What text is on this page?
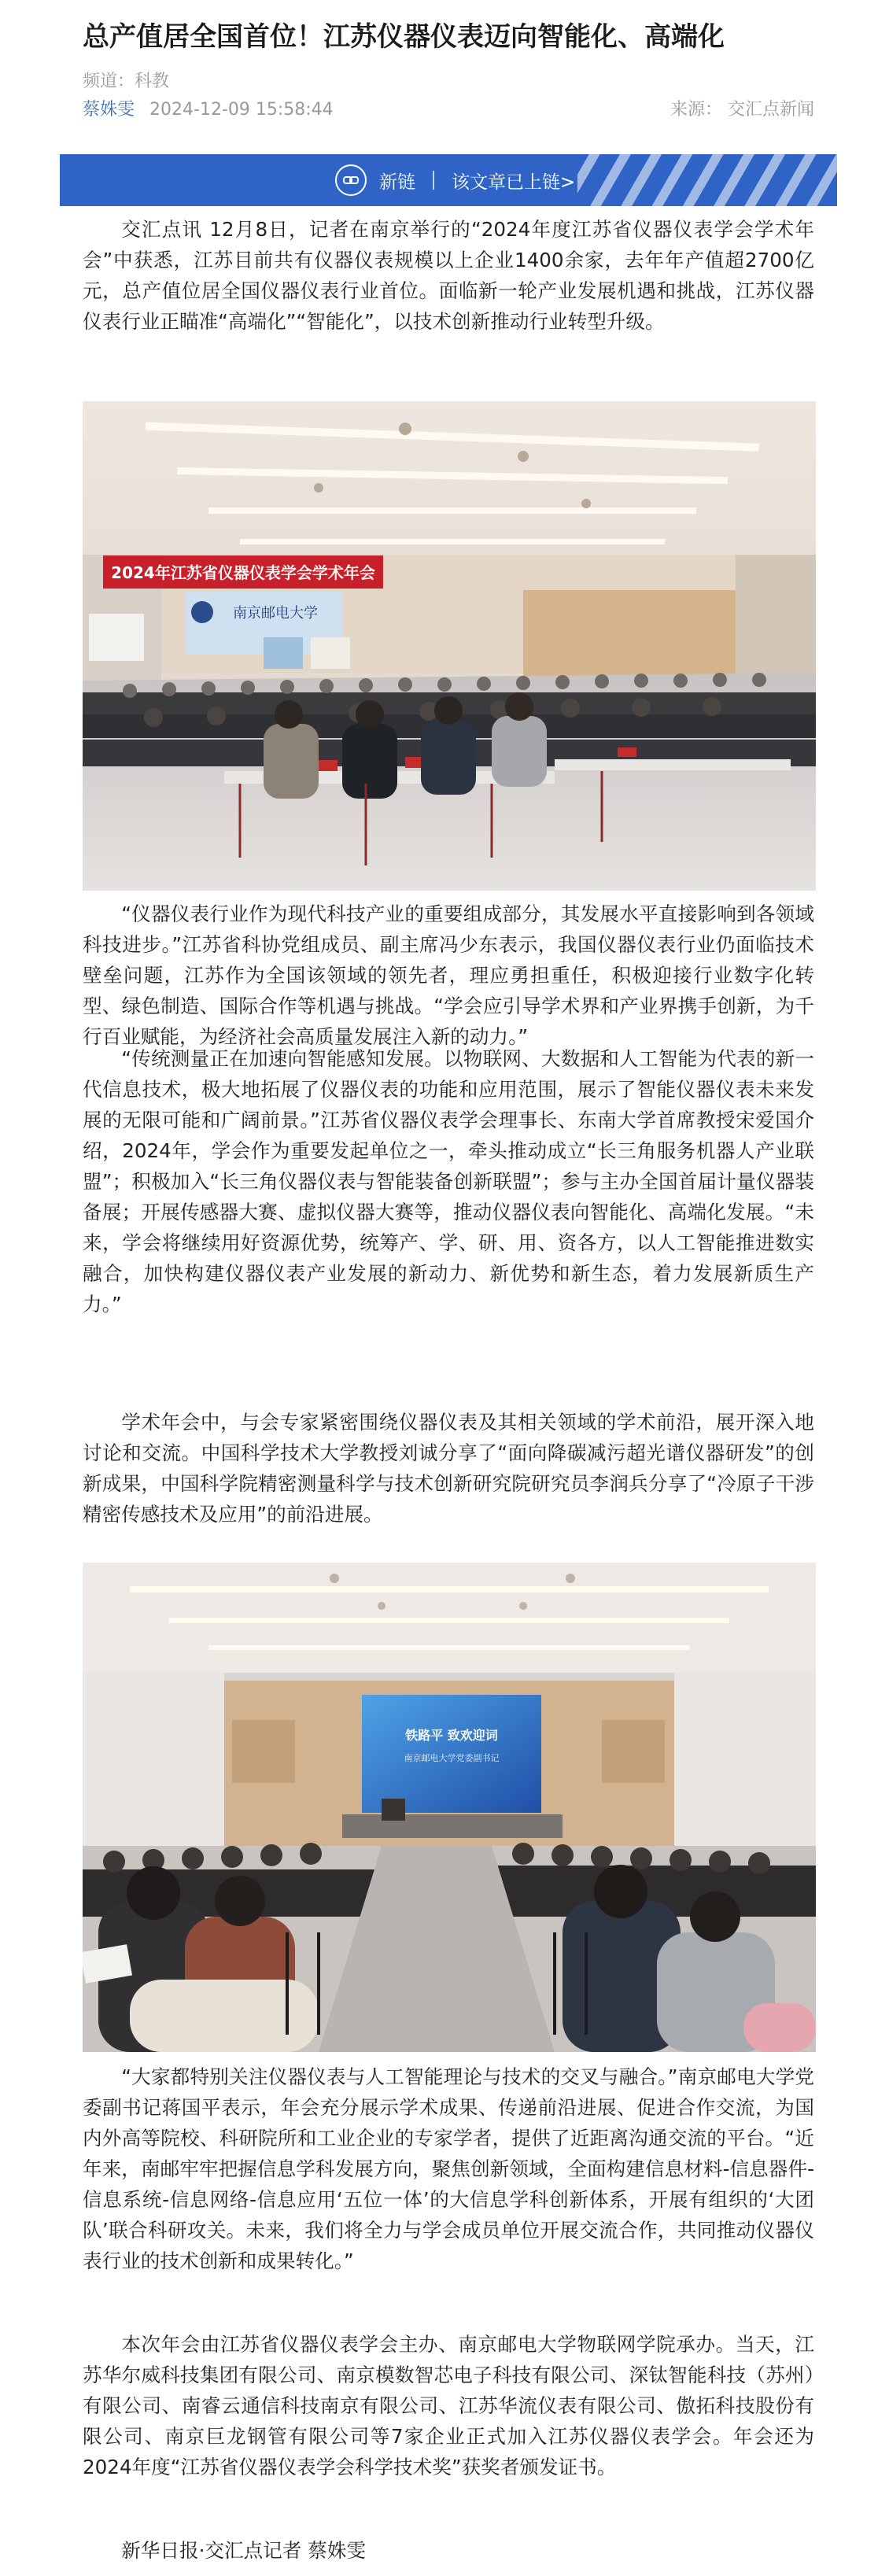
总产值居全国首位！江苏仪器仪表迈向智能化、高端化
频道：科教
蔡姝雯 2024-12-09 15:58:44	来源： 交汇点新闻
新链 该文章已上链>

交汇点讯 12月8日，记者在南京举行的“2024年度江苏省仪器仪表学会学术年会”中获悉，江苏目前共有仪器仪表规模以上企业1400余家，去年年产值超2700亿元，总产值位居全国仪器仪表行业首位。面临新一轮产业发展机遇和挑战，江苏仪器仪表行业正瞄准“高端化”“智能化”，以技术创新推动行业转型升级。

2024年江苏省仪器仪表学会学术年会
南京邮电大学

“仪器仪表行业作为现代科技产业的重要组成部分，其发展水平直接影响到各领域科技进步。”江苏省科协党组成员、副主席冯少东表示，我国仪器仪表行业仍面临技术壁垒问题，江苏作为全国该领域的领先者，理应勇担重任，积极迎接行业数字化转型、绿色制造、国际合作等机遇与挑战。“学会应引导学术界和产业界携手创新，为千行百业赋能，为经济社会高质量发展注入新的动力。”

“传统测量正在加速向智能感知发展。以物联网、大数据和人工智能为代表的新一代信息技术，极大地拓展了仪器仪表的功能和应用范围，展示了智能仪器仪表未来发展的无限可能和广阔前景。”江苏省仪器仪表学会理事长、东南大学首席教授宋爱国介绍，2024年，学会作为重要发起单位之一，牵头推动成立“长三角服务机器人产业联盟”；积极加入“长三角仪器仪表与智能装备创新联盟”；参与主办全国首届计量仪器装备展；开展传感器大赛、虚拟仪器大赛等，推动仪器仪表向智能化、高端化发展。“未来，学会将继续用好资源优势，统筹产、学、研、用、资各方，以人工智能推进数实融合，加快构建仪器仪表产业发展的新动力、新优势和新生态，着力发展新质生产力。”

学术年会中，与会专家紧密围绕仪器仪表及其相关领域的学术前沿，展开深入地讨论和交流。中国科学技术大学教授刘诚分享了“面向降碳减污超光谱仪器研发”的创新成果，中国科学院精密测量科学与技术创新研究院研究员李润兵分享了“冷原子干涉精密传感技术及应用”的前沿进展。

铁路平 致欢迎词
南京邮电大学党委副书记

“大家都特别关注仪器仪表与人工智能理论与技术的交叉与融合。”南京邮电大学党委副书记蒋国平表示，年会充分展示学术成果、传递前沿进展、促进合作交流，为国内外高等院校、科研院所和工业企业的专家学者，提供了近距离沟通交流的平台。“近年来，南邮牢牢把握信息学科发展方向，聚焦创新领域，全面构建信息材料-信息器件-信息系统-信息网络-信息应用‘五位一体’的大信息学科创新体系，开展有组织的‘大团队’联合科研攻关。未来，我们将全力与学会成员单位开展交流合作，共同推动仪器仪表行业的技术创新和成果转化。”

本次年会由江苏省仪器仪表学会主办、南京邮电大学物联网学院承办。当天，江苏华尔威科技集团有限公司、南京模数智芯电子科技有限公司、深钛智能科技（苏州）有限公司、南睿云通信科技南京有限公司、江苏华流仪表有限公司、傲拓科技股份有限公司、南京巨龙钢管有限公司等7家企业正式加入江苏仪器仪表学会。年会还为2024年度“江苏省仪器仪表学会科学技术奖”获奖者颁发证书。

新华日报·交汇点记者 蔡姝雯
